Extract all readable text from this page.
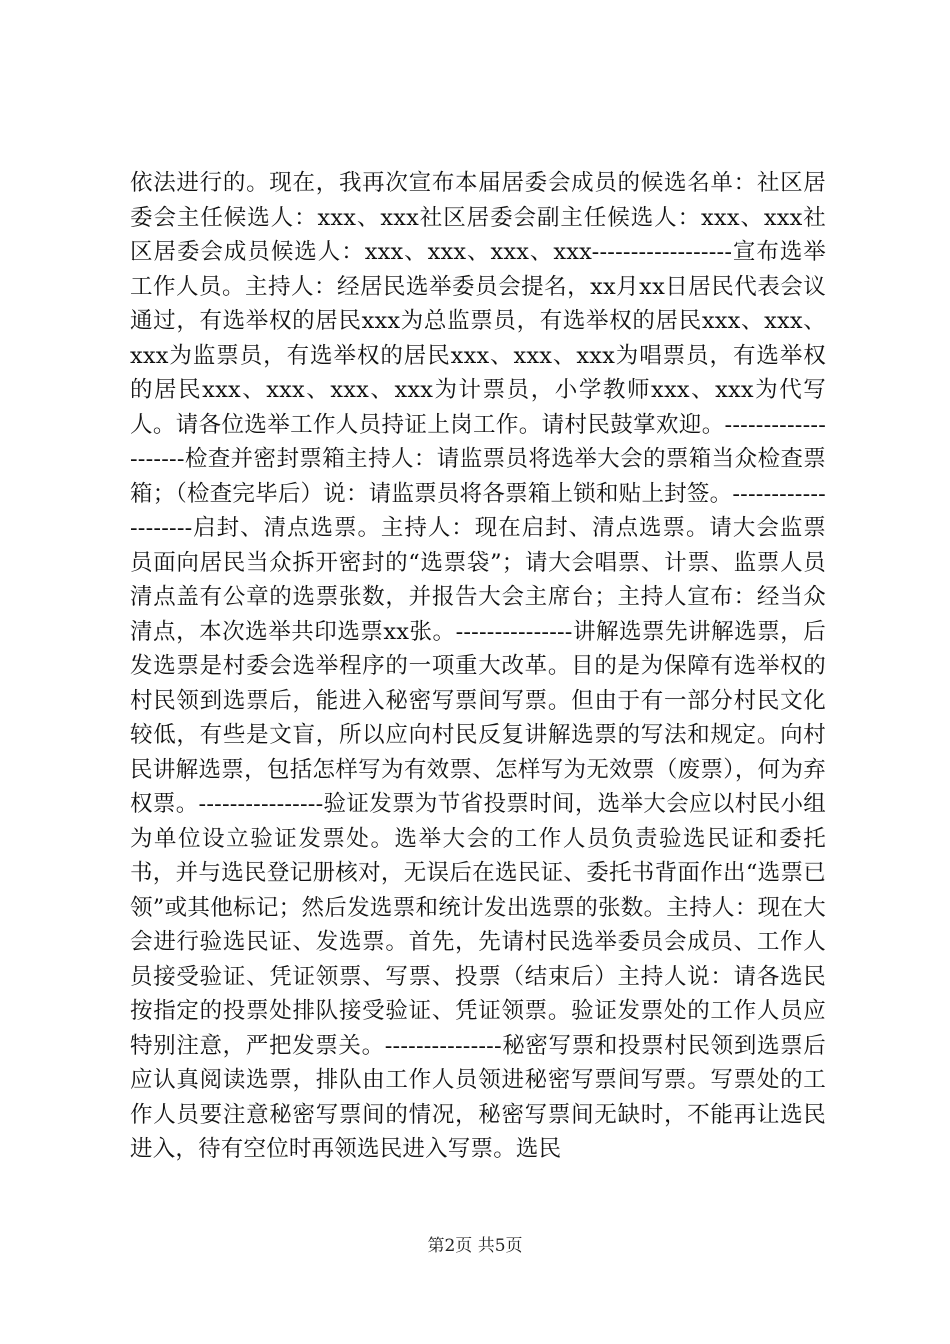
依法进行的。现在，我再次宣布本届居委会成员的候选名单：社区居委会主任候选人：xxx、xxx社区居委会副主任候选人：xxx、xxx社区居委会成员候选人：xxx、xxx、xxx、xxx------------------宣布选举工作人员。主持人：经居民选举委员会提名，xx月xx日居民代表会议通过，有选举权的居民xxx为总监票员，有选举权的居民xxx、xxx、xxx为监票员，有选举权的居民xxx、xxx、xxx为唱票员，有选举权的居民xxx、xxx、xxx、xxx为计票员，小学教师xxx、xxx为代写人。请各位选举工作人员持证上岗工作。请村民鼓掌欢迎。--------------------检查并密封票箱主持人：请监票员将选举大会的票箱当众检查票箱；（检查完毕后）说：请监票员将各票箱上锁和贴上封签。--------------------启封、清点选票。主持人：现在启封、清点选票。请大会监票员面向居民当众拆开密封的“选票袋”；请大会唱票、计票、监票人员清点盖有公章的选票张数，并报告大会主席台；主持人宣布：经当众清点，本次选举共印选票xx张。---------------讲解选票先讲解选票，后发选票是村委会选举程序的一项重大改革。目的是为保障有选举权的村民领到选票后，能进入秘密写票间写票。但由于有一部分村民文化较低，有些是文盲，所以应向村民反复讲解选票的写法和规定。向村民讲解选票，包括怎样写为有效票、怎样写为无效票（废票），何为弃权票。----------------验证发票为节省投票时间，选举大会应以村民小组为单位设立验证发票处。选举大会的工作人员负责验选民证和委托书，并与选民登记册核对，无误后在选民证、委托书背面作出“选票已领”或其他标记；然后发选票和统计发出选票的张数。主持人：现在大会进行验选民证、发选票。首先，先请村民选举委员会成员、工作人员接受验证、凭证领票、写票、投票（结束后）主持人说：请各选民按指定的投票处排队接受验证、凭证领票。验证发票处的工作人员应特别注意，严把发票关。---------------秘密写票和投票村民领到选票后应认真阅读选票，排队由工作人员领进秘密写票间写票。写票处的工作人员要注意秘密写票间的情况，秘密写票间无缺时，不能再让选民进入，待有空位时再领选民进入写票。选民

第2页 共5页
